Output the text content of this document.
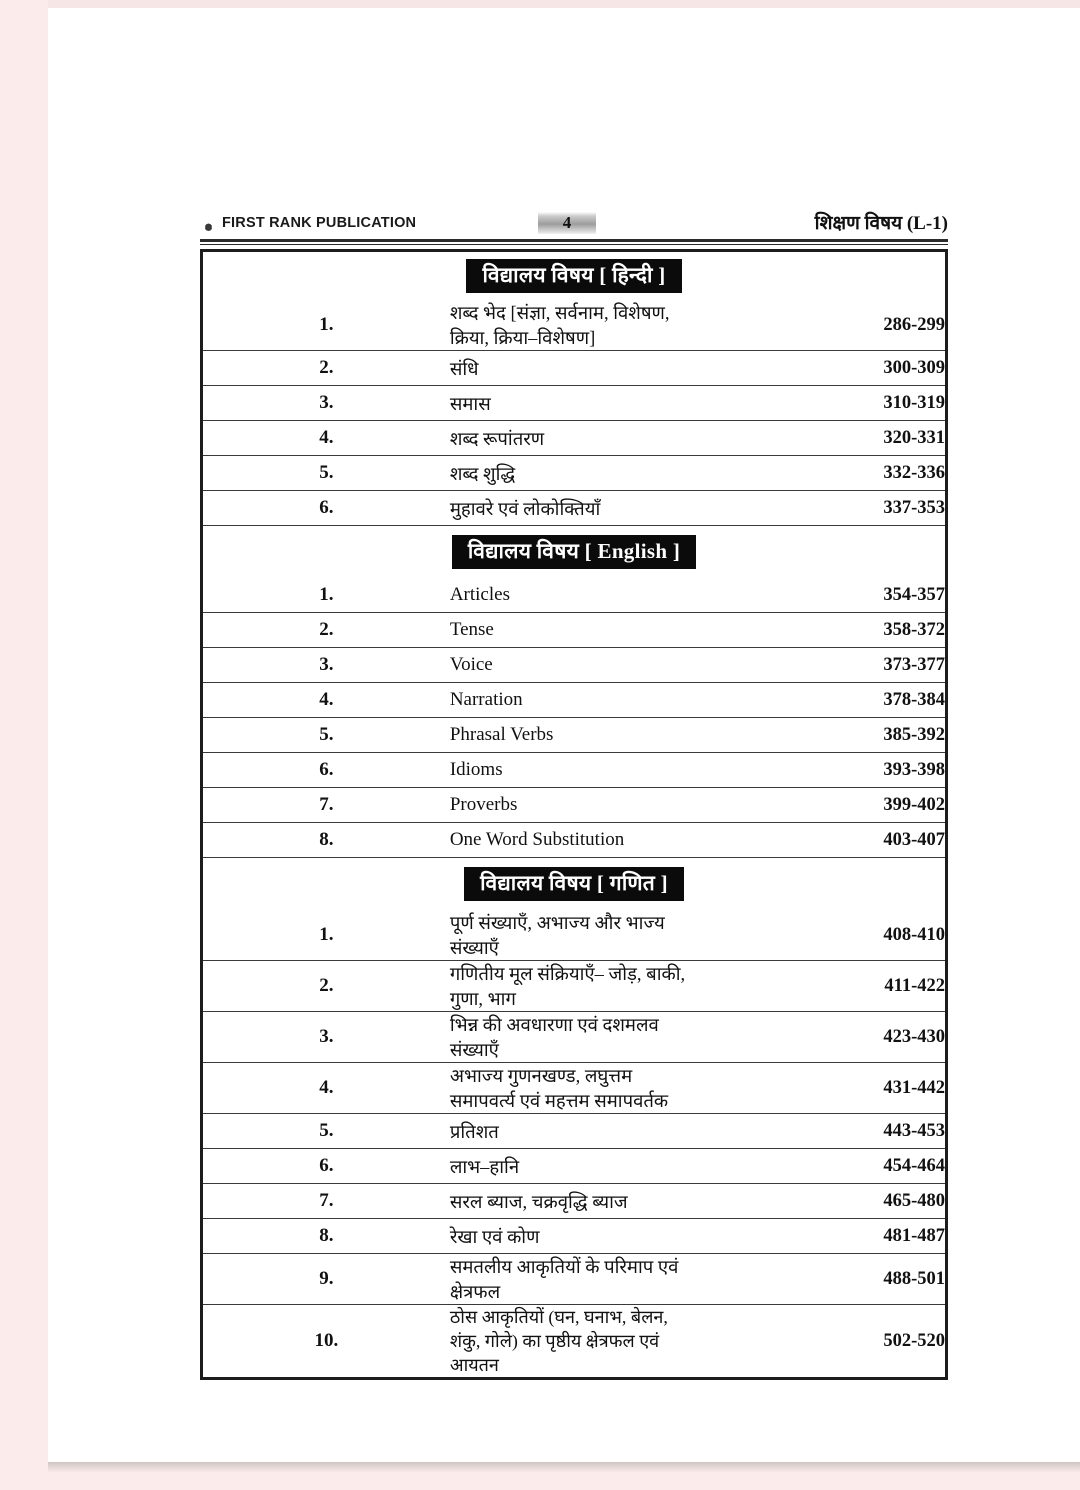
FIRST RANK PUBLICATION	4	शिक्षण विषय (L-1)
विद्यालय विषय [ हिन्दी ]		

1.	शब्द भेद [संज्ञा, सर्वनाम, विशेषण, क्रिया, क्रिया–विशेषण]	286-299
2.	संधि	300-309
3.	समास	310-319
4.	शब्द रूपांतरण	320-331
5.	शब्द शुद्धि	332-336
6.	मुहावरे एवं लोकोक्तियाँ	337-353

विद्यालय विषय [ English ]		

1.	Articles	354-357
2.	Tense	358-372
3.	Voice	373-377
4.	Narration	378-384
5.	Phrasal Verbs	385-392
6.	Idioms	393-398
7.	Proverbs	399-402
8.	One Word Substitution	403-407

विद्यालय विषय [ गणित ]		

1.	पूर्ण संख्याएँ, अभाज्य और भाज्य संख्याएँ	408-410
2.	गणितीय मूल संक्रियाएँ– जोड़, बाकी, गुणा, भाग	411-422
3.	भिन्न की अवधारणा एवं दशमलव संख्याएँ	423-430
4.	अभाज्य गुणनखण्ड, लघुत्तम समापवर्त्य एवं महत्तम समापवर्तक	431-442
5.	प्रतिशत	443-453
6.	लाभ–हानि	454-464
7.	सरल ब्याज, चक्रवृद्धि ब्याज	465-480
8.	रेखा एवं कोण	481-487
9.	समतलीय आकृतियों के परिमाप एवं क्षेत्रफल	488-501
10.	ठोस आकृतियों (घन, घनाभ, बेलन, शंकु, गोले) का पृष्ठीय क्षेत्रफल एवं आयतन	502-520
